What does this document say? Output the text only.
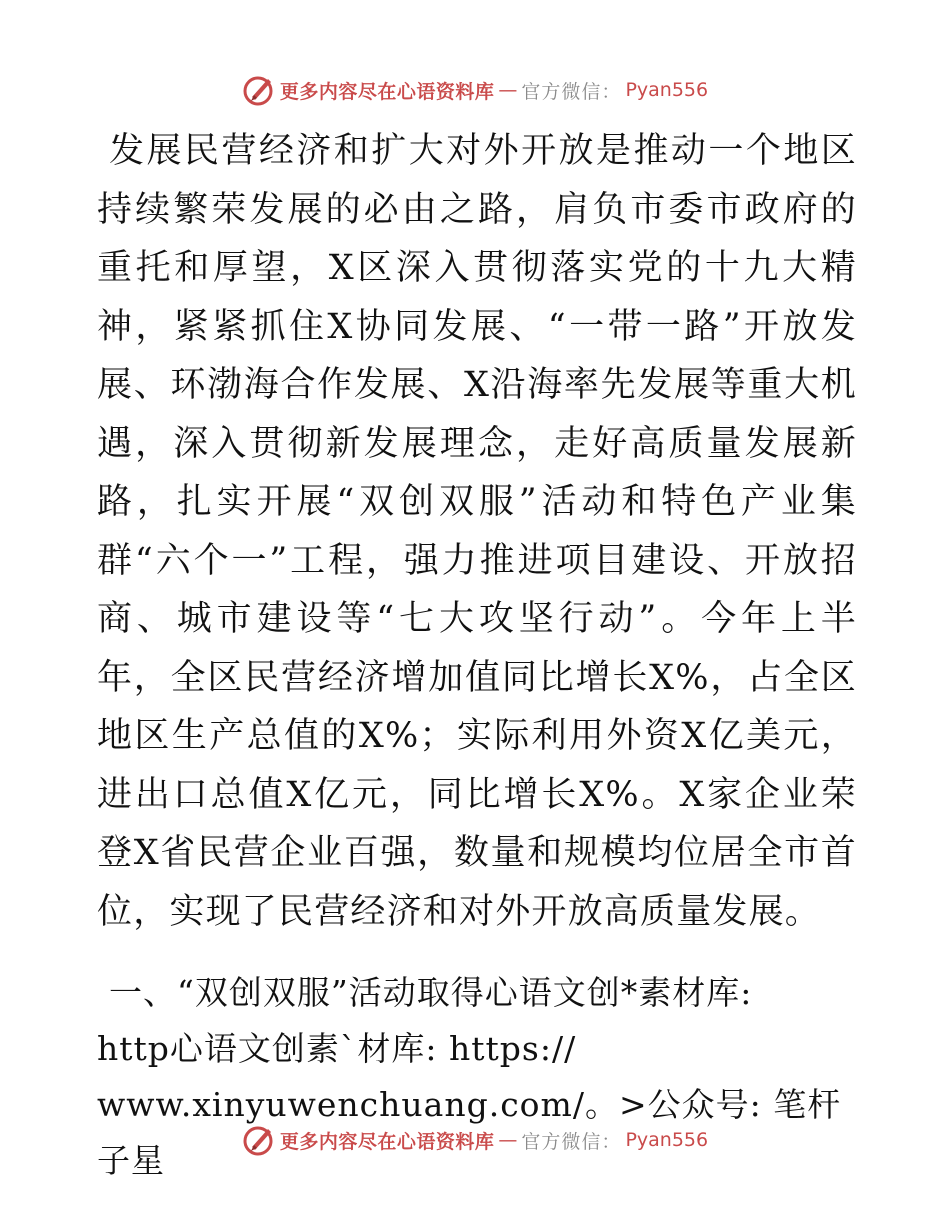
更多内容尽在心语资料库 — 官方微信： Pyan556

发展民营经济和扩大对外开放是推动一个地区持续繁荣发展的必由之路，肩负市委市政府的重托和厚望，X区深入贯彻落实党的十九大精神，紧紧抓住X协同发展、“一带一路”开放发展、环渤海合作发展、X沿海率先发展等重大机遇，深入贯彻新发展理念，走好高质量发展新路，扎实开展“双创双服”活动和特色产业集群“六个一”工程，强力推进项目建设、开放招商、城市建设等“七大攻坚行动”。今年上半年，全区民营经济增加值同比增长X%，占全区地区生产总值的X%；实际利用外资X亿美元，进出口总值X亿元，同比增长X%。X家企业荣登X省民营企业百强，数量和规模均位居全市首位，实现了民营经济和对外开放高质量发展。

一、“双创双服”活动取得心语文创*素材库:
http心语文创素`材库: https://
www.xinyuwenchuang.com/。>公众号: 笔杆子星	更多内容尽在心语资料库 — 官方微信： Pyan556
